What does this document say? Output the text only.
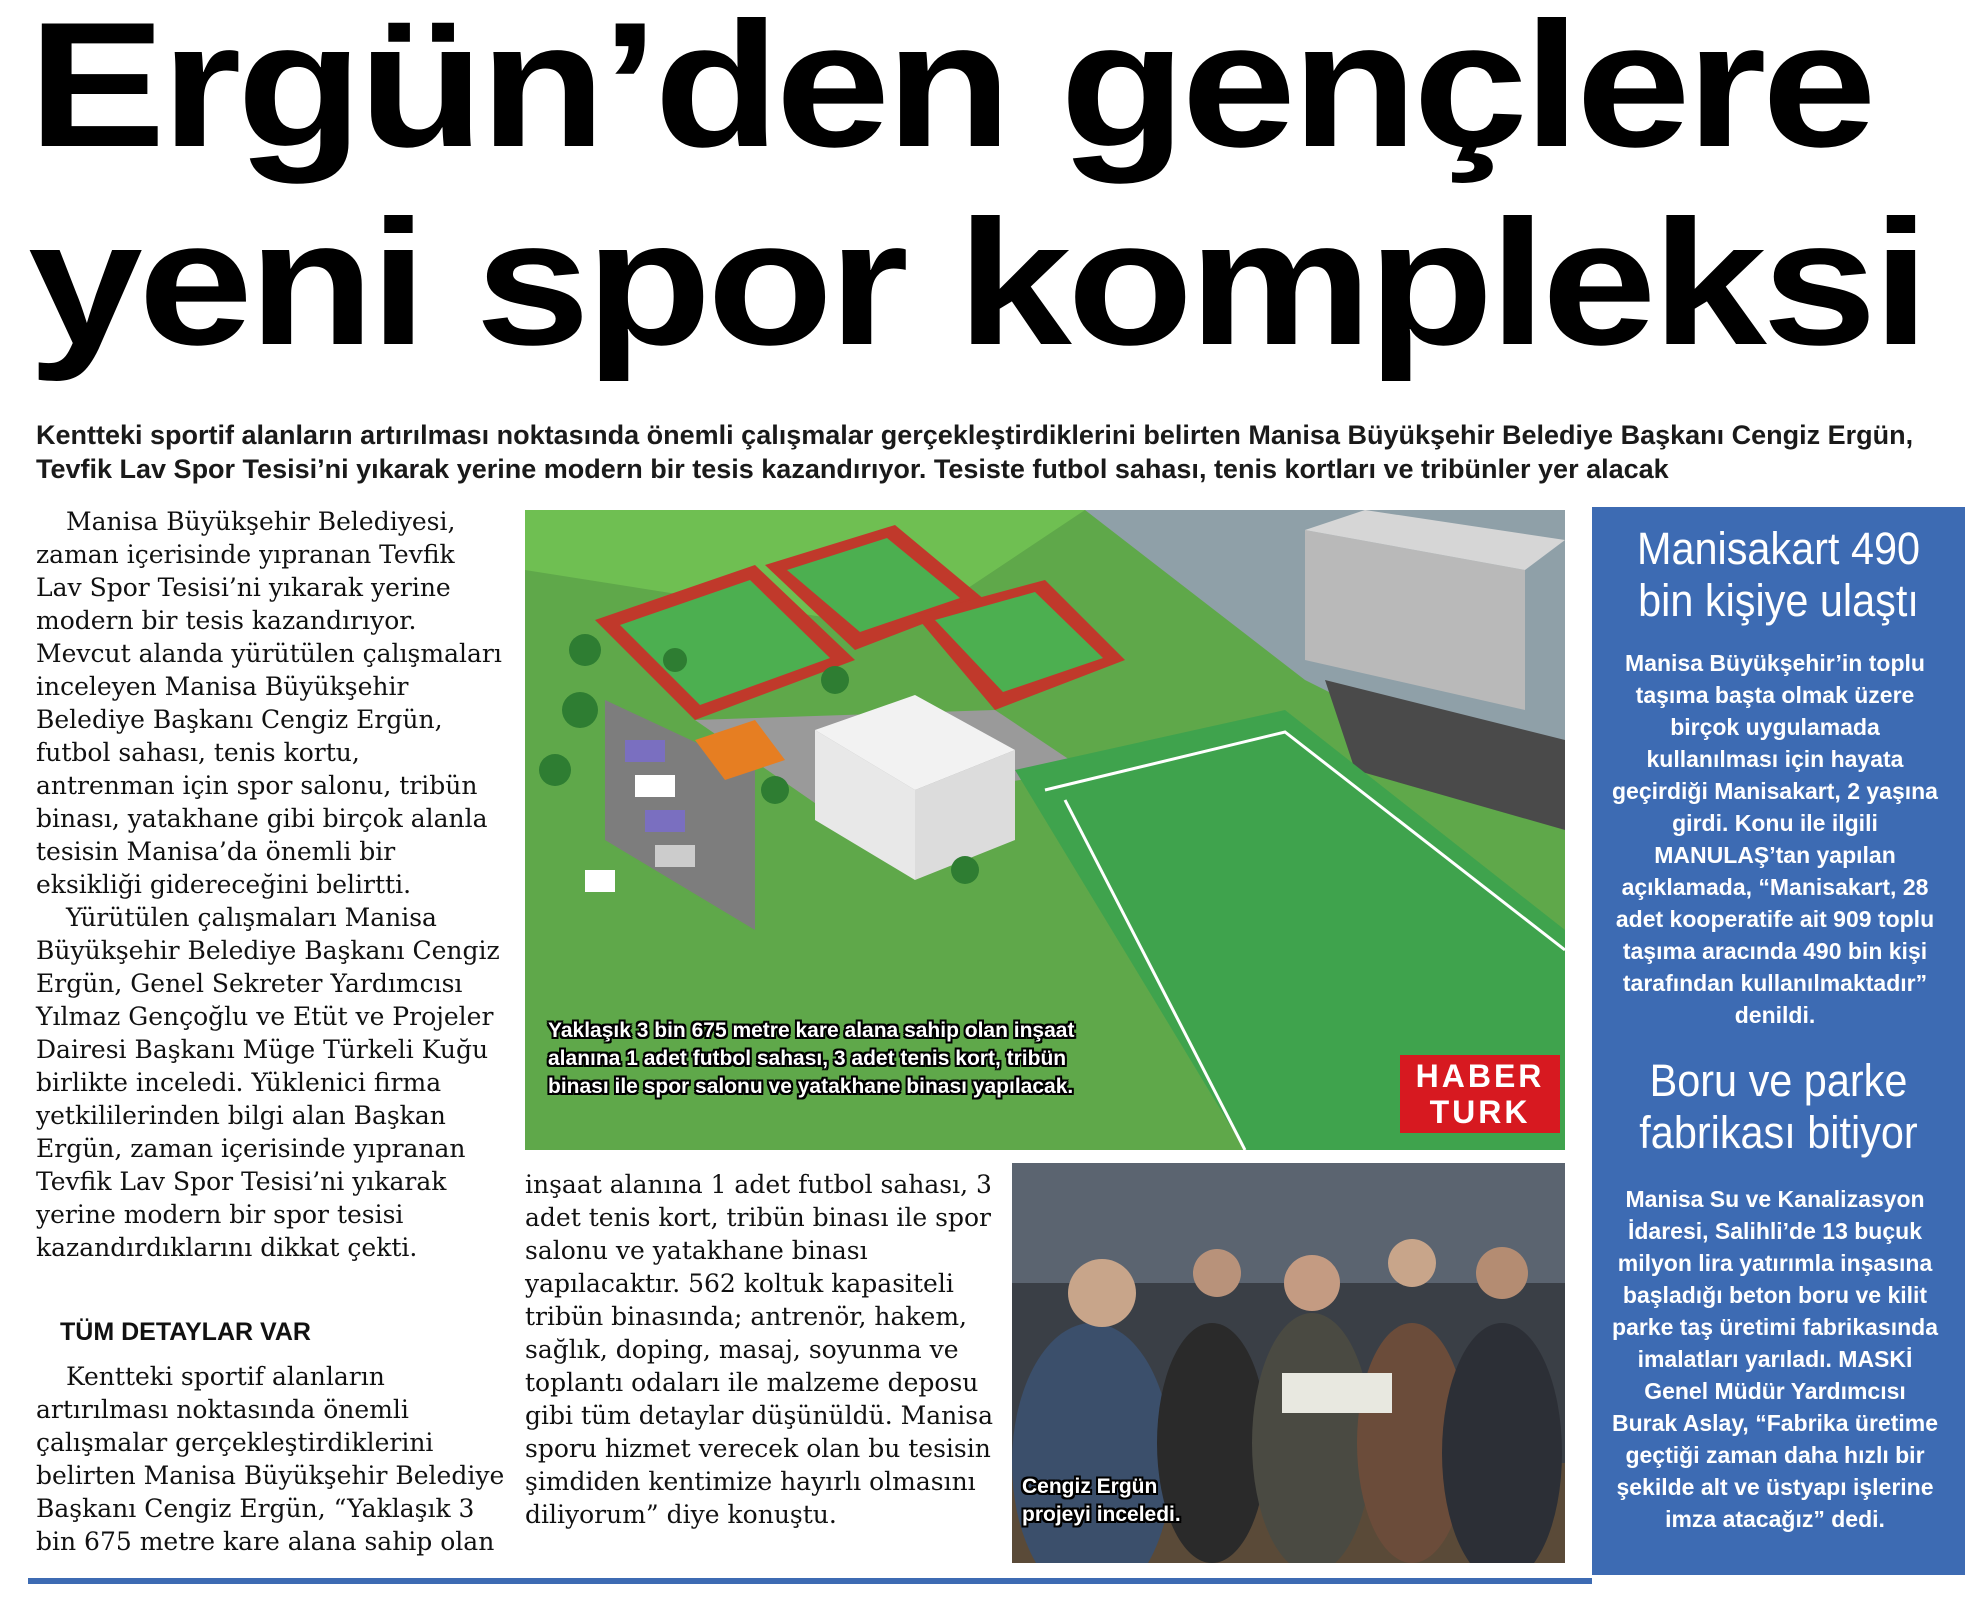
Ergün’den gençlere
yeni spor kompleksi
Kentteki sportif alanların artırılması noktasında önemli çalışmalar gerçekleştirdiklerini belirten Manisa Büyükşehir Belediye Başkanı Cengiz Ergün, Tevfik Lav Spor Tesisi’ni yıkarak yerine modern bir tesis kazandırıyor. Tesiste futbol sahası, tenis kortları ve tribünler yer alacak

Manisa Büyükşehir Belediyesi, zaman içerisinde yıpranan Tevfik Lav Spor Tesisi’ni yıkarak yerine modern bir tesis kazandırıyor. Mevcut alanda yürütülen çalışmaları inceleyen Manisa Büyükşehir Belediye Başkanı Cengiz Ergün, futbol sahası, tenis kortu, antrenman için spor salonu, tribün binası, yatakhane gibi birçok alanla tesisin Manisa’da önemli bir eksikliği gidereceğini belirtti.

Yürütülen çalışmaları Manisa Büyükşehir Belediye Başkanı Cengiz Ergün, Genel Sekreter Yardımcısı Yılmaz Gençoğlu ve Etüt ve Projeler Dairesi Başkanı Müge Türkeli Kuğu birlikte inceledi. Yüklenici firma yetkililerinden bilgi alan Başkan Ergün, zaman içerisinde yıpranan Tevfik Lav Spor Tesisi’ni yıkarak yerine modern bir spor tesisi kazandırdıklarını dikkat çekti.

TÜM DETAYLAR VAR

Kentteki sportif alanların artırılması noktasında önemli çalışmalar gerçekleştirdiklerini belirten Manisa Büyükşehir Belediye Başkanı Cengiz Ergün, “Yaklaşık 3 bin 675 metre kare alana sahip olan

Yaklaşık 3 bin 675 metre kare alana sahip olan inşaat alanına 1 adet futbol sahası, 3 adet tenis kort, tribün binası ile spor salonu ve yatakhane binası yapılacak.	HABER
TURK

inşaat alanına 1 adet futbol sahası, 3 adet tenis kort, tribün binası ile spor salonu ve yatakhane binası yapılacaktır. 562 koltuk kapasiteli tribün binasında; antrenör, hakem, sağlık, doping, masaj, soyunma ve toplantı odaları ile malzeme deposu gibi tüm detaylar düşünüldü. Manisa sporu hizmet verecek olan bu tesisin şimdiden kentimize hayırlı olmasını diliyorum” diye konuştu.

Cengiz Ergün projeyi inceledi.
Manisakart 490 bin kişiye ulaştı
Manisa Büyükşehir’in toplu taşıma başta olmak üzere birçok uygulamada kullanılması için hayata geçirdiği Manisakart, 2 yaşına girdi. Konu ile ilgili MANULAŞ’tan yapılan açıklamada, “Manisakart, 28 adet kooperatife ait 909 toplu taşıma aracında 490 bin kişi tarafından kullanılmaktadır” denildi.
Boru ve parke fabrikası bitiyor
Manisa Su ve Kanalizasyon İdaresi, Salihli’de 13 buçuk milyon lira yatırımla inşasına başladığı beton boru ve kilit parke taş üretimi fabrikasında imalatları yarıladı. MASKİ Genel Müdür Yardımcısı Burak Aslay, “Fabrika üretime geçtiği zaman daha hızlı bir şekilde alt ve üstyapı işlerine imza atacağız” dedi.
